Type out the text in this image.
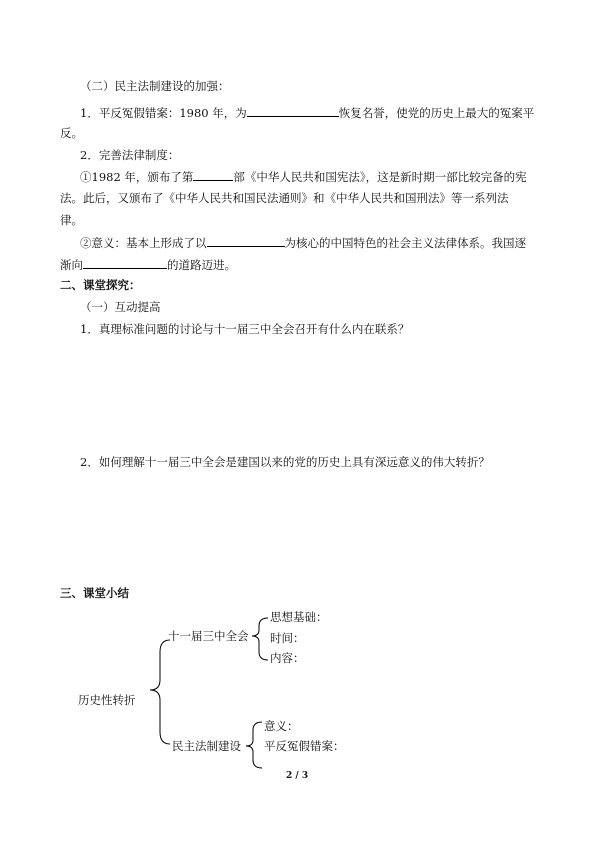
（二）民主法制建设的加强：
1．平反冤假错案：1980 年，为	恢复名誉，使党的历史上最大的冤案平
反。
2．完善法律制度：
①1982 年，颁布了第	部《中华人民共和国宪法》，这是新时期一部比较完备的宪
法。此后，又颁布了《中华人民共和国民法通则》和《中华人民共和国刑法》等一系列法
律。
②意义：基本上形成了以	为核心的中国特色的社会主义法律体系。我国逐
渐向	的道路迈进。
二、课堂探究：
（一）互动提高
1．真理标准问题的讨论与十一届三中全会召开有什么内在联系？
2．如何理解十一届三中全会是建国以来的党的历史上具有深远意义的伟大转折？
三、课堂小结
历史性转折
十一届三中全会
思想基础：
时间：
内容：
民主法制建设
意义：
平反冤假错案：
2 / 3
